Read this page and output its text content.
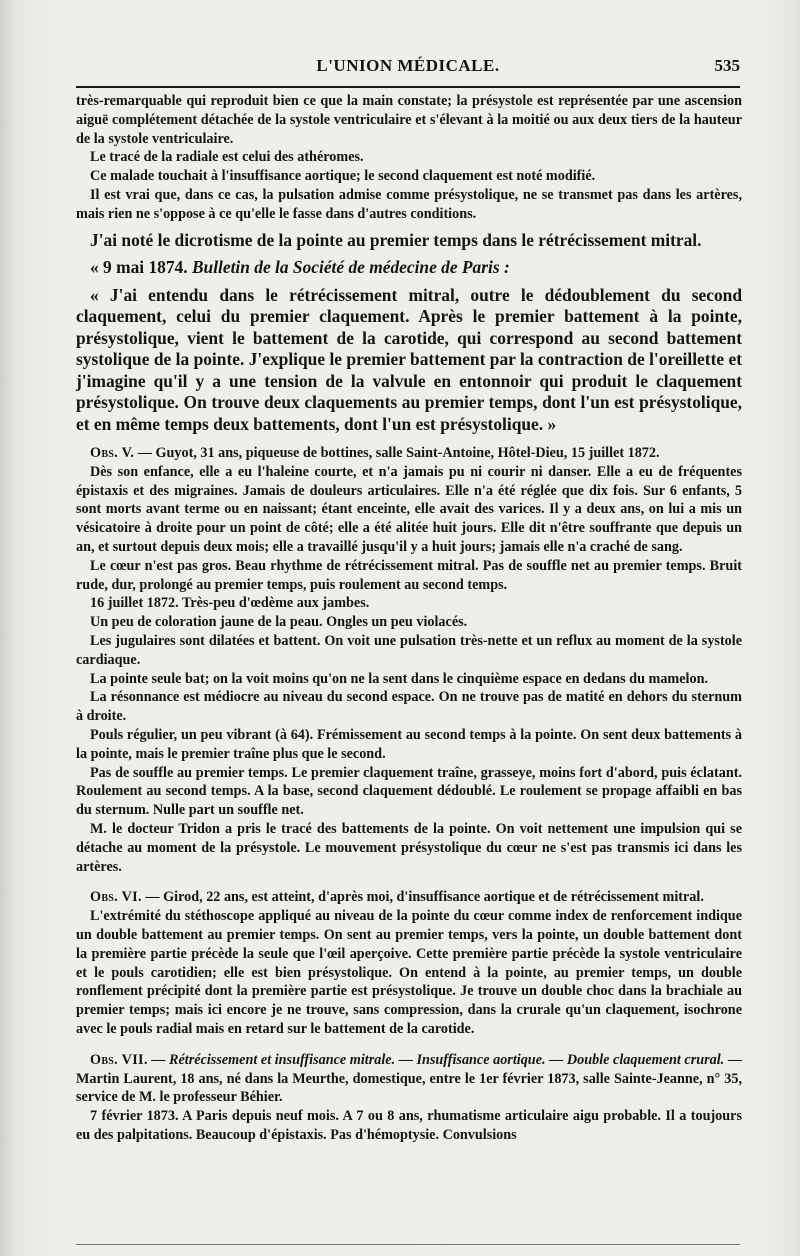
L'UNION MÉDICALE.	535

très-remarquable qui reproduit bien ce que la main constate; la présystole est représentée par une ascension aiguë complétement détachée de la systole ventriculaire et s'élevant à la moitié ou aux deux tiers de la hauteur de la systole ventriculaire.

Le tracé de la radiale est celui des athéromes.

Ce malade touchait à l'insuffisance aortique; le second claquement est noté modifié.

Il est vrai que, dans ce cas, la pulsation admise comme présystolique, ne se transmet pas dans les artères, mais rien ne s'oppose à ce qu'elle le fasse dans d'autres conditions.

J'ai noté le dicrotisme de la pointe au premier temps dans le rétrécissement mitral.

« 9 mai 1874. Bulletin de la Société de médecine de Paris :

« J'ai entendu dans le rétrécissement mitral, outre le dédoublement du second claquement, celui du premier claquement. Après le premier battement à la pointe, présystolique, vient le battement de la carotide, qui correspond au second battement systolique de la pointe. J'explique le premier battement par la contraction de l'oreillette et j'imagine qu'il y a une tension de la valvule en entonnoir qui produit le claquement présystolique. On trouve deux claquements au premier temps, dont l'un est présystolique, et en même temps deux battements, dont l'un est présystolique. »

Obs. V. — Guyot, 31 ans, piqueuse de bottines, salle Saint-Antoine, Hôtel-Dieu, 15 juillet 1872.

Dès son enfance, elle a eu l'haleine courte, et n'a jamais pu ni courir ni danser. Elle a eu de fréquentes épistaxis et des migraines. Jamais de douleurs articulaires. Elle n'a été réglée que dix fois. Sur 6 enfants, 5 sont morts avant terme ou en naissant; étant enceinte, elle avait des varices. Il y a deux ans, on lui a mis un vésicatoire à droite pour un point de côté; elle a été alitée huit jours. Elle dit n'être souffrante que depuis un an, et surtout depuis deux mois; elle a travaillé jusqu'il y a huit jours; jamais elle n'a craché de sang.

Le cœur n'est pas gros. Beau rhythme de rétrécissement mitral. Pas de souffle net au premier temps. Bruit rude, dur, prolongé au premier temps, puis roulement au second temps.

16 juillet 1872. Très-peu d'œdème aux jambes.

Un peu de coloration jaune de la peau. Ongles un peu violacés.

Les jugulaires sont dilatées et battent. On voit une pulsation très-nette et un reflux au moment de la systole cardiaque.

La pointe seule bat; on la voit moins qu'on ne la sent dans le cinquième espace en dedans du mamelon.

La résonnance est médiocre au niveau du second espace. On ne trouve pas de matité en dehors du sternum à droite.

Pouls régulier, un peu vibrant (à 64). Frémissement au second temps à la pointe. On sent deux battements à la pointe, mais le premier traîne plus que le second.

Pas de souffle au premier temps. Le premier claquement traîne, grasseye, moins fort d'abord, puis éclatant. Roulement au second temps. A la base, second claquement dédoublé. Le roulement se propage affaibli en bas du sternum. Nulle part un souffle net.

M. le docteur Tridon a pris le tracé des battements de la pointe. On voit nettement une impulsion qui se détache au moment de la présystole. Le mouvement présystolique du cœur ne s'est pas transmis ici dans les artères.

Obs. VI. — Girod, 22 ans, est atteint, d'après moi, d'insuffisance aortique et de rétrécissement mitral.

L'extrémité du stéthoscope appliqué au niveau de la pointe du cœur comme index de renforcement indique un double battement au premier temps. On sent au premier temps, vers la pointe, un double battement dont la première partie précède la seule que l'œil aperçoive. Cette première partie précède la systole ventriculaire et le pouls carotidien; elle est bien présystolique. On entend à la pointe, au premier temps, un double ronflement précipité dont la première partie est présystolique. Je trouve un double choc dans la brachiale au premier temps; mais ici encore je ne trouve, sans compression, dans la crurale qu'un claquement, isochrone avec le pouls radial mais en retard sur le battement de la carotide.

Obs. VII. — Rétrécissement et insuffisance mitrale. — Insuffisance aortique. — Double claquement crural. — Martin Laurent, 18 ans, né dans la Meurthe, domestique, entre le 1er février 1873, salle Sainte-Jeanne, n° 35, service de M. le professeur Béhier.

7 février 1873. A Paris depuis neuf mois. A 7 ou 8 ans, rhumatisme articulaire aigu probable. Il a toujours eu des palpitations. Beaucoup d'épistaxis. Pas d'hémoptysie. Convulsions
